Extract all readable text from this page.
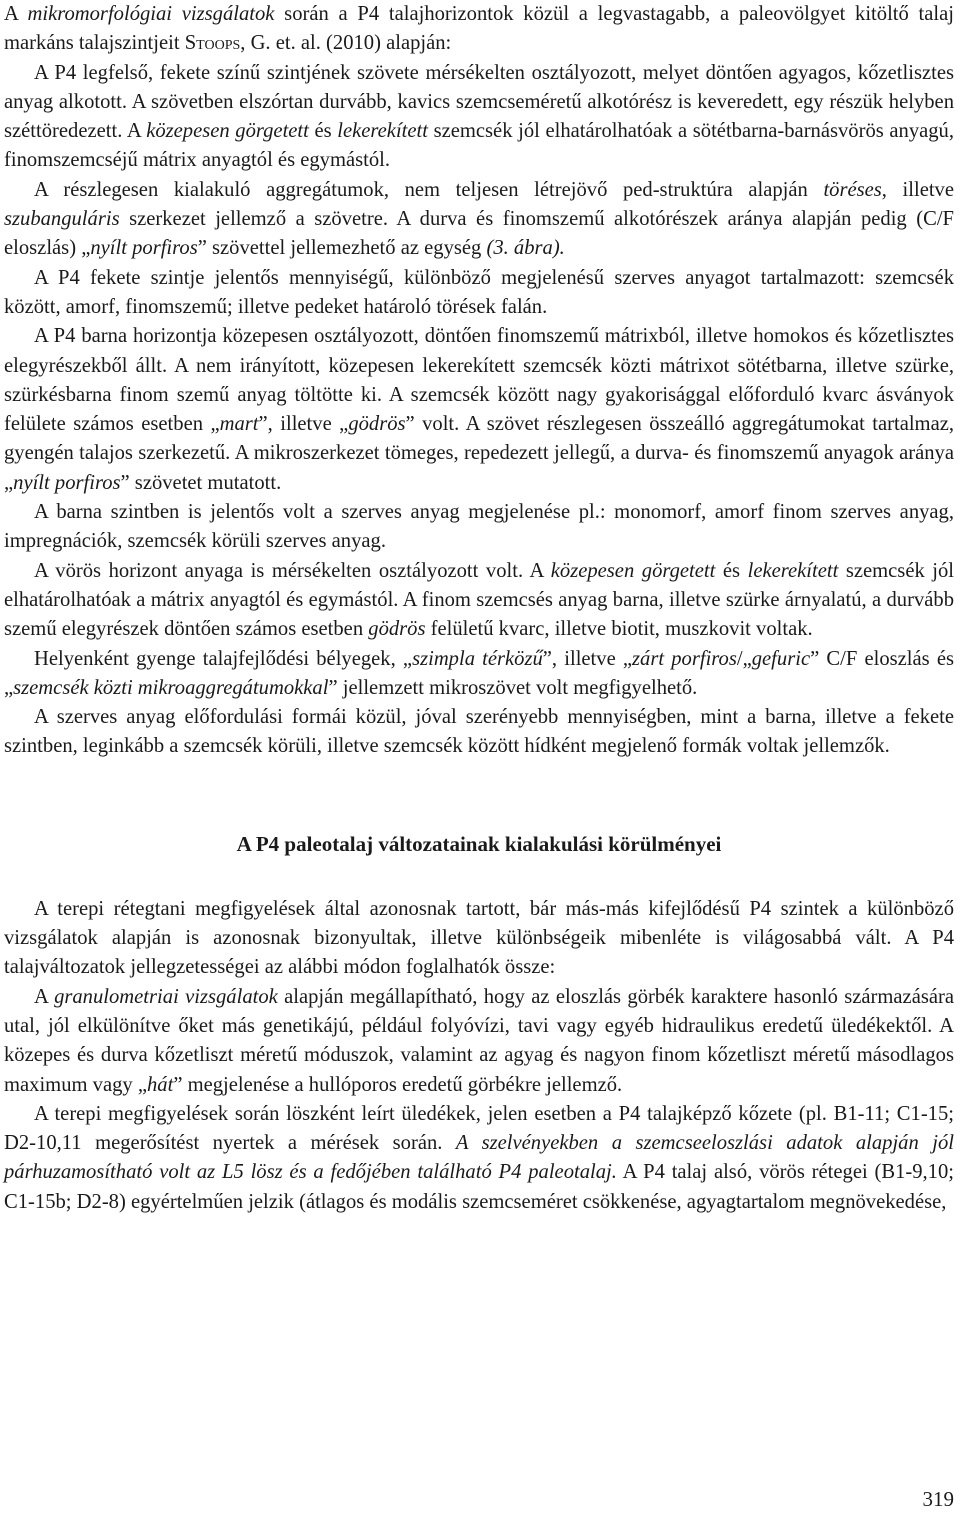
A mikromorfológiai vizsgálatok során a P4 talajhorizontok közül a legvastagabb, a paleovölgyet kitöltő talaj markáns talajszintjeit Stoops, G. et. al. (2010) alapján:

A P4 legfelső, fekete színű szintjének szövete mérsékelten osztályozott, melyet döntően agyagos, kőzetlisztes anyag alkotott. A szövetben elszórtan durvább, kavics szemcseméretű alkotórész is keveredett, egy részük helyben széttöredezett. A közepesen görgetett és lekerekített szemcsék jól elhatárolhatóak a sötétbarna-barnásvörös anyagú, finomszemcséjű mátrix anyagtól és egymástól.

A részlegesen kialakuló aggregátumok, nem teljesen létrejövő ped-struktúra alapján töréses, illetve szubanguláris szerkezet jellemző a szövetre. A durva és finomszemű alkotórészek aránya alapján pedig (C/F eloszlás) „nyílt porfiros” szövettel jellemezhető az egység (3. ábra).

A P4 fekete szintje jelentős mennyiségű, különböző megjelenésű szerves anyagot tartalmazott: szemcsék között, amorf, finomszemű; illetve pedeket határoló törések falán.

A P4 barna horizontja közepesen osztályozott, döntően finomszemű mátrixból, illetve homokos és kőzetlisztes elegyrészekből állt. A nem irányított, közepesen lekerekített szemcsék közti mátrixot sötétbarna, illetve szürke, szürkésbarna finom szemű anyag töltötte ki. A szemcsék között nagy gyakorisággal előforduló kvarc ásványok felülete számos esetben „mart”, illetve „gödrös” volt. A szövet részlegesen összeálló aggregátumokat tartalmaz, gyengén talajos szerkezetű. A mikroszerkezet tömeges, repedezett jellegű, a durva- és finomszemű anyagok aránya „nyílt porfiros” szövetet mutatott.

A barna szintben is jelentős volt a szerves anyag megjelenése pl.: monomorf, amorf finom szerves anyag, impregnációk, szemcsék körüli szerves anyag.

A vörös horizont anyaga is mérsékelten osztályozott volt. A közepesen görgetett és lekerekített szemcsék jól elhatárolhatóak a mátrix anyagtól és egymástól. A finom szemcsés anyag barna, illetve szürke árnyalatú, a durvább szemű elegyrészek döntően számos esetben gödrös felületű kvarc, illetve biotit, muszkovit voltak.

Helyenként gyenge talajfejlődési bélyegek, „szimpla térközű”, illetve „zárt porfiros/„gefuric” C/F eloszlás és „szemcsék közti mikroaggregátumokkal” jellemzett mikroszövet volt megfigyelhető.

A szerves anyag előfordulási formái közül, jóval szerényebb mennyiségben, mint a barna, illetve a fekete szintben, leginkább a szemcsék körüli, illetve szemcsék között hídként megjelenő formák voltak jellemzők.

A P4 paleotalaj változatainak kialakulási körülményei

A terepi rétegtani megfigyelések által azonosnak tartott, bár más-más kifejlődésű P4 szintek a különböző vizsgálatok alapján is azonosnak bizonyultak, illetve különbségeik mibenléte is világosabbá vált. A P4 talajváltozatok jellegzetességei az alábbi módon foglalhatók össze:

A granulometriai vizsgálatok alapján megállapítható, hogy az eloszlás görbék karaktere hasonló származására utal, jól elkülönítve őket más genetikájú, például folyóvízi, tavi vagy egyéb hidraulikus eredetű üledékektől. A közepes és durva kőzetliszt méretű móduszok, valamint az agyag és nagyon finom kőzetliszt méretű másodlagos maximum vagy „hát” megjelenése a hullóporos eredetű görbékre jellemző.

A terepi megfigyelések során löszként leírt üledékek, jelen esetben a P4 talajképző kőzete (pl. B1-11; C1-15; D2-10,11 megerősítést nyertek a mérések során. A szelvényekben a szemcseeloszlási adatok alapján jól párhuzamosítható volt az L5 lösz és a fedőjében található P4 paleotalaj. A P4 talaj alsó, vörös rétegei (B1-9,10; C1-15b; D2-8) egyértelműen jelzik (átlagos és modális szemcseméret csökkenése, agyagtartalom megnövekedése,

319
